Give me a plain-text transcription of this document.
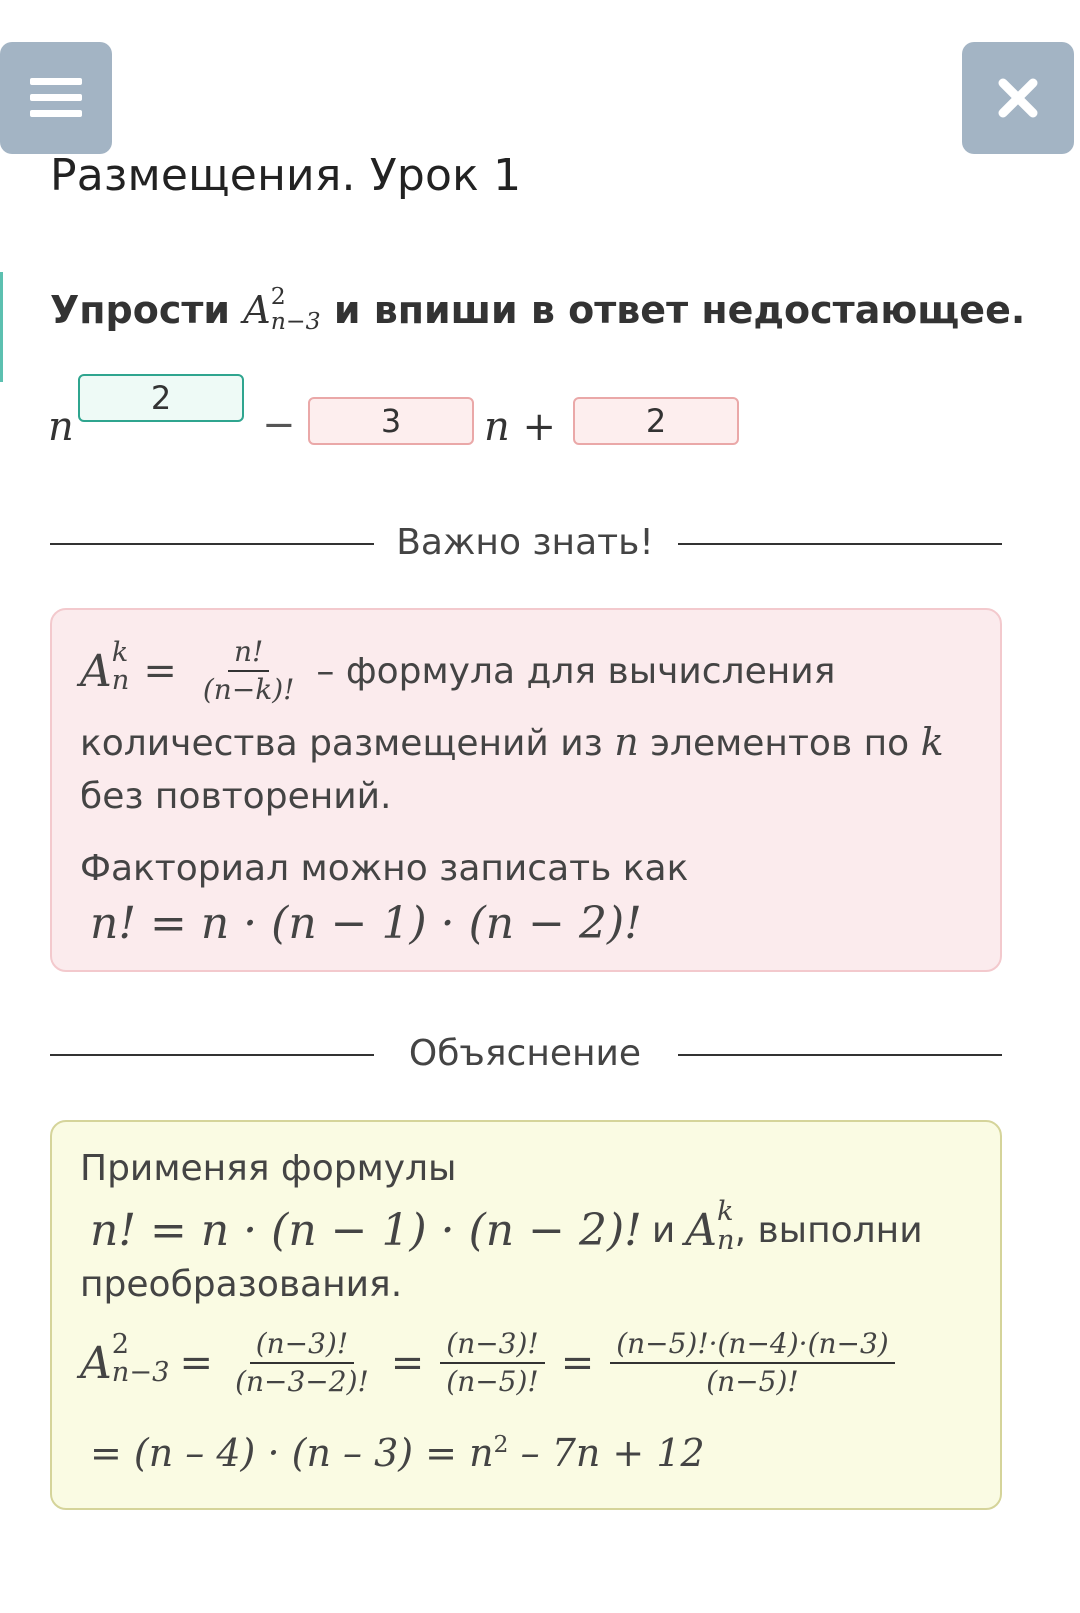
Размещения. Урок 1
Упрости A 2
n−3 и впиши в ответ недостающее.
n
2
−	3	n +	2
Важно знать!
A k
$n = \frac{n!}{(n-k)!}$ – формула для вычисления
количества размещений из n элементов по k
без повторений.
Факториал можно записать как
n! = n · (n − 1) · (n − 2)!
Объяснение
Применяя формулы
n! = n · (n − 1) · (n − 2)! и A k
n , выполни
преобразования.
A 2
$n-3 = \frac{(n-3)!}{(n-3-2)!} = \frac{(n-3)!}{(n-5)!} = \frac{(n-5)!\cdot(n-4)\cdot(n-3)}{(n-5)!}$
= $(n - 4) \cdot (n - 3) = n^2 - 7n + 12$
